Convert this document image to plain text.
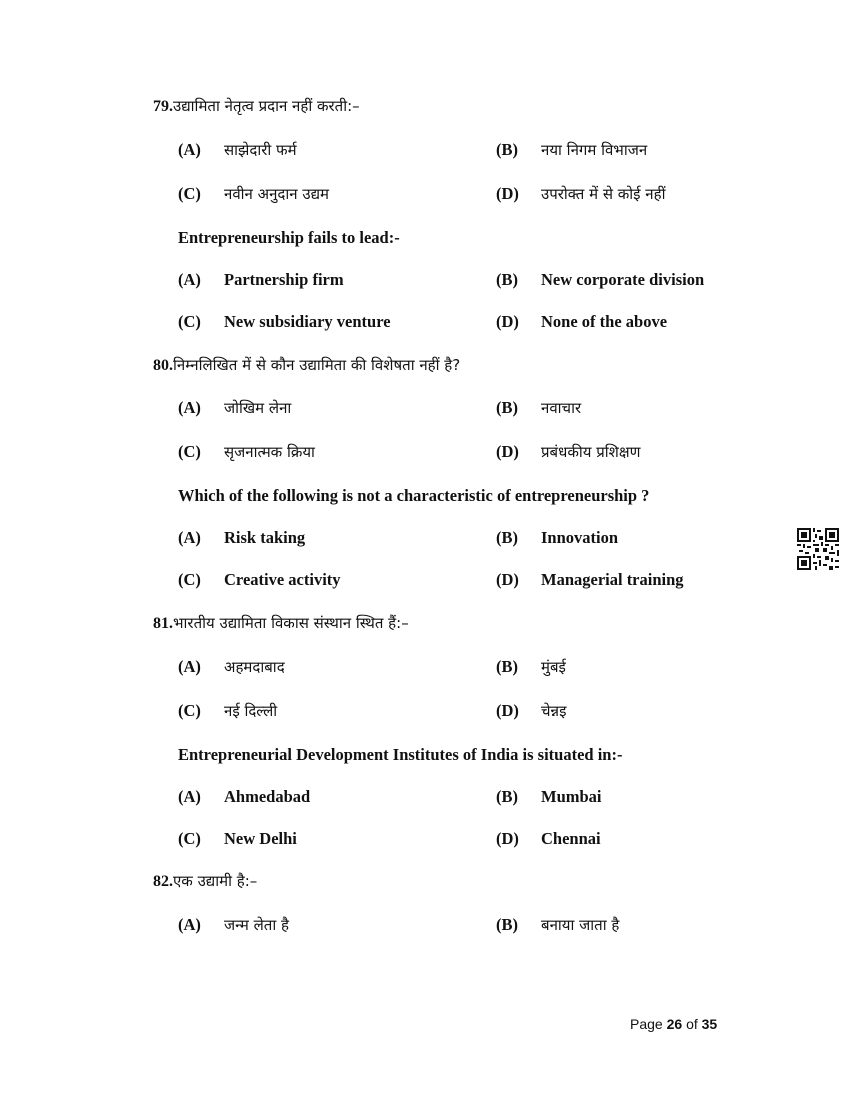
79.उद्यामिता नेतृत्व प्रदान नहीं करती:–
(A) साझेदारी फर्म	(B) नया निगम विभाजन
(C) नवीन अनुदान उद्यम	(D) उपरोक्त में से कोई नहीं
Entrepreneurship fails to lead:-
(A) Partnership firm	(B) New corporate division
(C) New subsidiary venture	(D) None of the above
80.निम्नलिखित में से कौन उद्यामिता की विशेषता नहीं है?
(A) जोखिम लेना	(B) नवाचार
(C) सृजनात्मक क्रिया	(D) प्रबंधकीय प्रशिक्षण
Which of the following is not a characteristic of entrepreneurship ?
(A) Risk taking	(B) Innovation
(C) Creative activity	(D) Managerial training
81.भारतीय उद्यामिता विकास संस्थान स्थित हैं:–
(A) अहमदाबाद	(B) मुंबई
(C) नई दिल्ली	(D) चेन्नइ
Entrepreneurial Development Institutes of India is situated in:-
(A) Ahmedabad	(B) Mumbai
(C) New Delhi	(D) Chennai
82.एक उद्यामी है:–
(A) जन्म लेता है	(B) बनाया जाता है
Page 26 of 35
